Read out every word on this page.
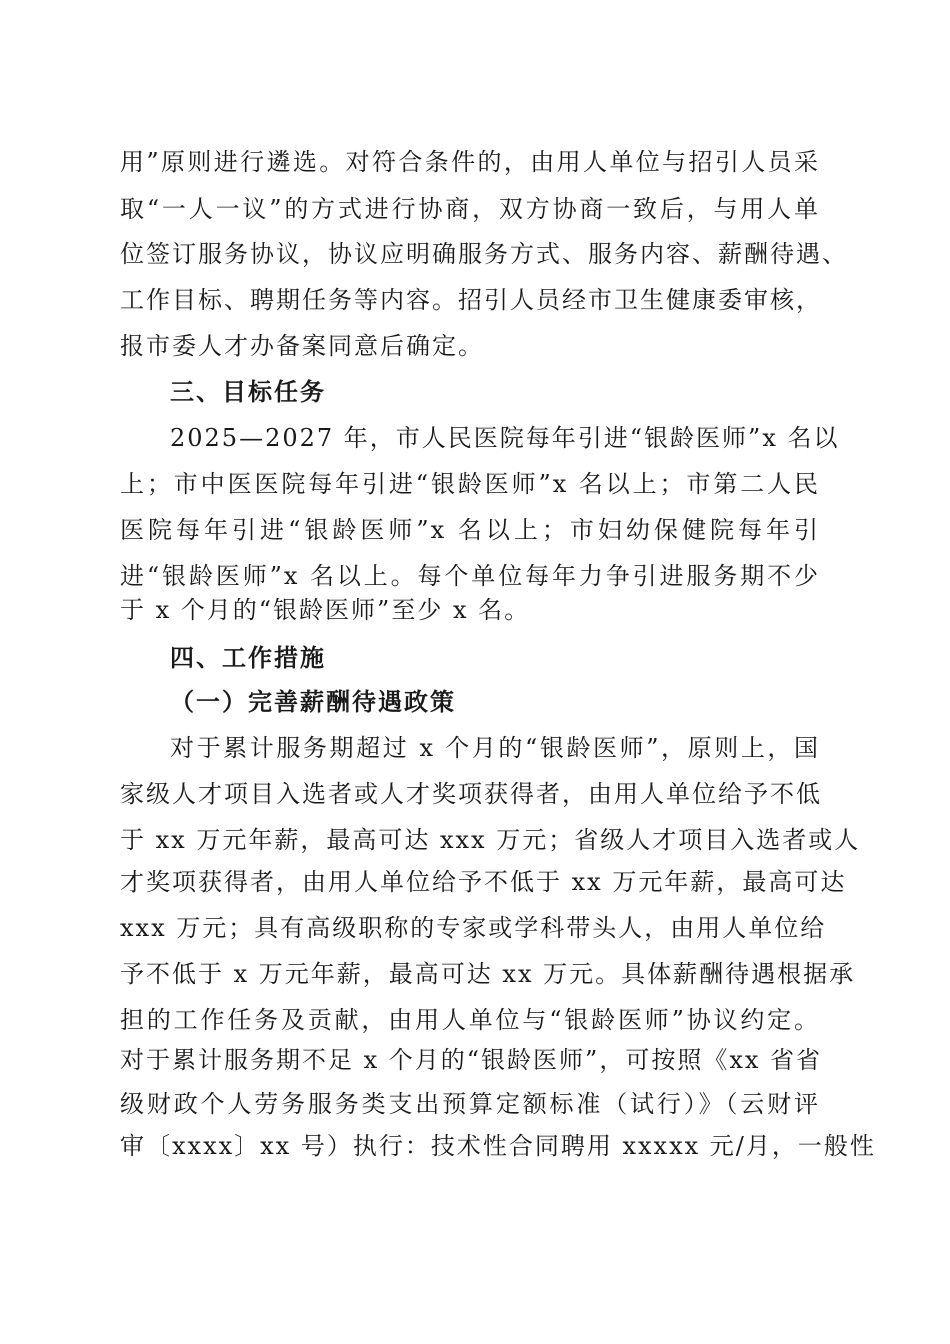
用”原则进行遴选。对符合条件的，由用人单位与招引人员采
取“一人一议”的方式进行协商，双方协商一致后，与用人单
位签订服务协议，协议应明确服务方式、服务内容、薪酬待遇、
工作目标、聘期任务等内容。招引人员经市卫生健康委审核，
报市委人才办备案同意后确定。
三、目标任务
2025—2027 年，市人民医院每年引进“银龄医师”x 名以
上；市中医医院每年引进“银龄医师”x 名以上；市第二人民
医院每年引进“银龄医师”x 名以上；市妇幼保健院每年引
进“银龄医师”x 名以上。每个单位每年力争引进服务期不少
于 x 个月的“银龄医师”至少 x 名。
四、工作措施
（一）完善薪酬待遇政策
对于累计服务期超过 x 个月的“银龄医师”，原则上，国
家级人才项目入选者或人才奖项获得者，由用人单位给予不低
于 xx 万元年薪，最高可达 xxx 万元；省级人才项目入选者或人
才奖项获得者，由用人单位给予不低于 xx 万元年薪，最高可达
xxx 万元；具有高级职称的专家或学科带头人，由用人单位给
予不低于 x 万元年薪，最高可达 xx 万元。具体薪酬待遇根据承
担的工作任务及贡献，由用人单位与“银龄医师”协议约定。
对于累计服务期不足 x 个月的“银龄医师”，可按照《xx 省省
级财政个人劳务服务类支出预算定额标准（试行）》（云财评
审〔xxxx〕xx 号）执行：技术性合同聘用 xxxxx 元/月，一般性
